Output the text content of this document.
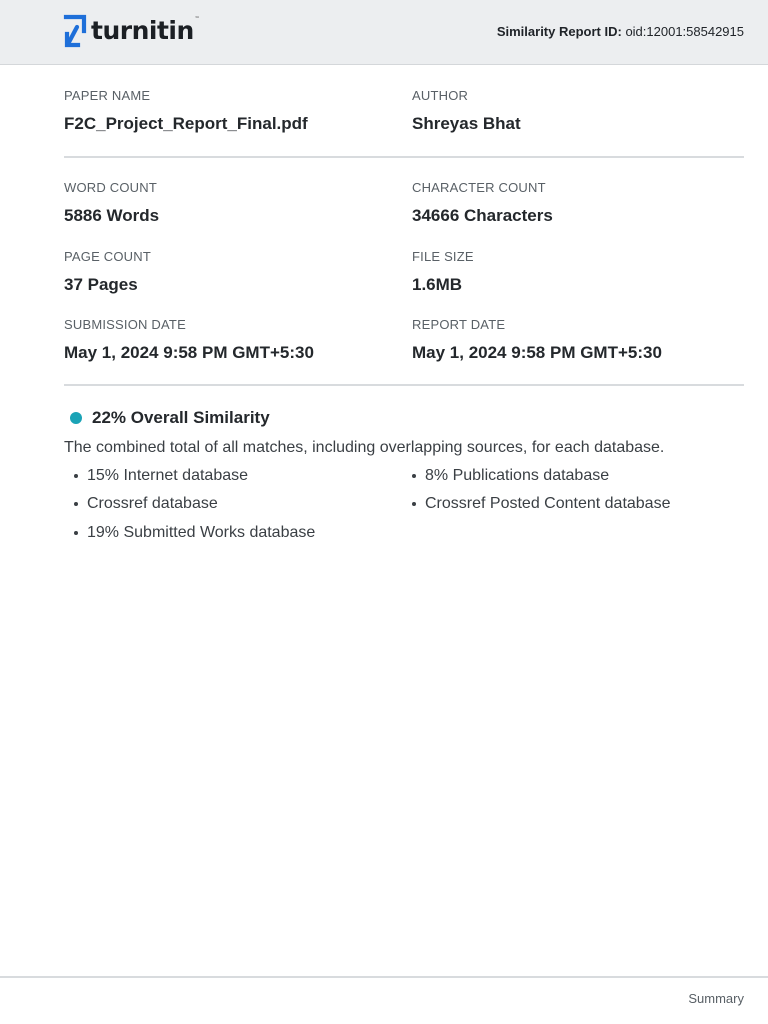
turnitin™
Similarity Report ID: oid:12001:58542915
PAPER NAME
F2C_Project_Report_Final.pdf
AUTHOR
Shreyas Bhat
WORD COUNT
5886 Words
CHARACTER COUNT
34666 Characters
PAGE COUNT
37 Pages
FILE SIZE
1.6MB
SUBMISSION DATE
May 1, 2024 9:58 PM GMT+5:30
REPORT DATE
May 1, 2024 9:58 PM GMT+5:30
22% Overall Similarity
The combined total of all matches, including overlapping sources, for each database.
15% Internet database	8% Publications database
Crossref database	Crossref Posted Content database
19% Submitted Works database
Summary
